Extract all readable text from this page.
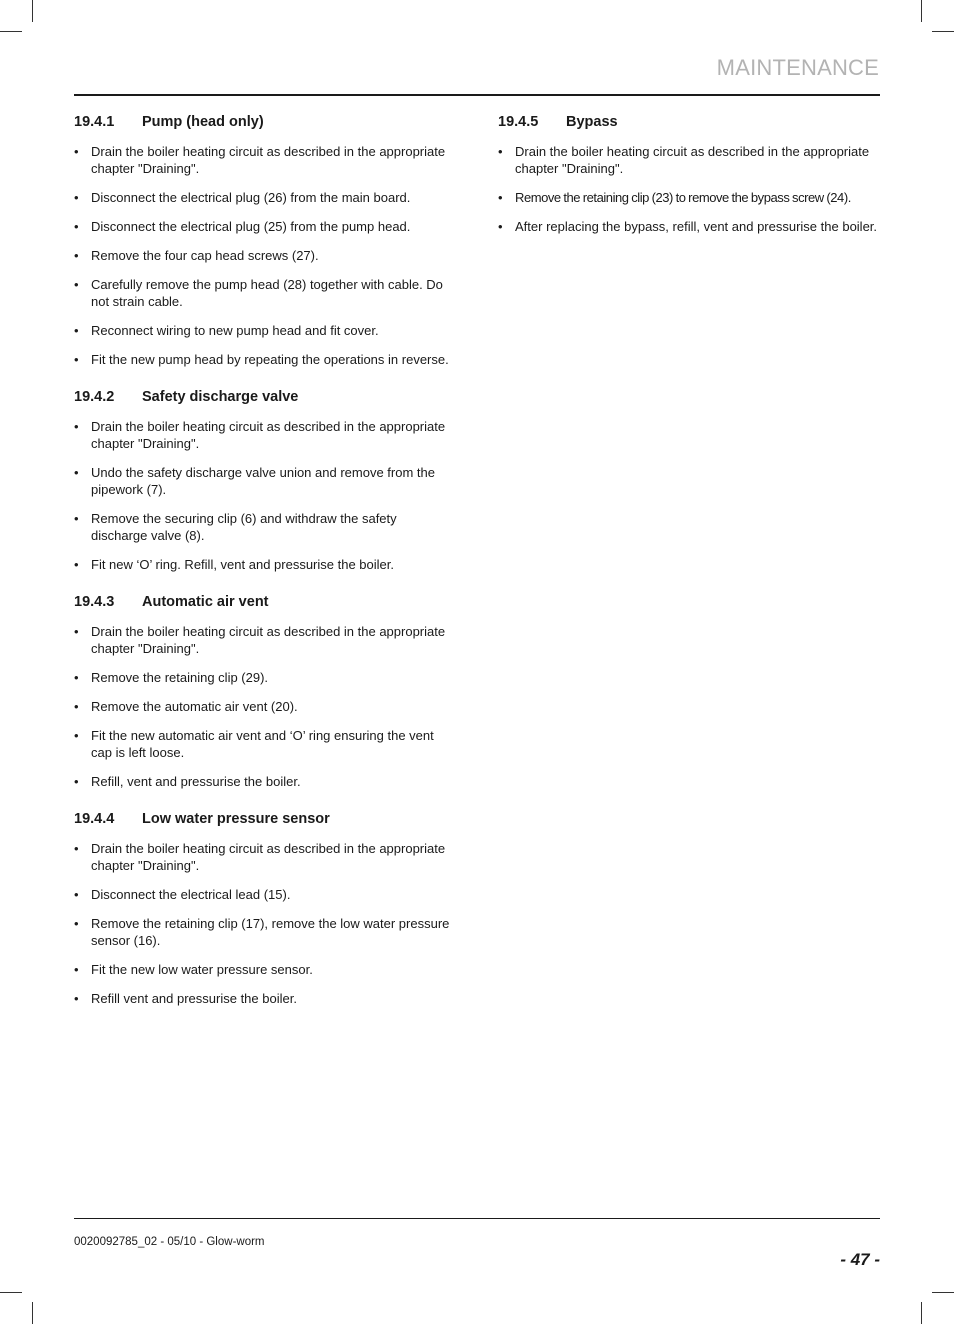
MAINTENANCE
19.4.1	Pump (head only)
• Drain the boiler heating circuit as described in the appropriate chapter "Draining".
• Disconnect the electrical plug (26) from the main board.
• Disconnect the electrical plug (25) from the pump head.
• Remove the four cap head screws (27).
• Carefully remove the pump head (28) together with cable. Do not strain cable.
• Reconnect wiring to new pump head and fit cover.
• Fit the new pump head by repeating the operations in reverse.
19.4.2	Safety discharge valve
• Drain the boiler heating circuit as described in the appropriate chapter "Draining".
• Undo the safety discharge valve union and remove from the pipework (7).
• Remove the securing clip (6) and withdraw the safety discharge valve (8).
• Fit new ‘O’ ring. Refill, vent and pressurise the boiler.
19.4.3	Automatic air vent
• Drain the boiler heating circuit as described in the appropriate chapter "Draining".
• Remove the retaining clip (29).
• Remove the automatic air vent (20).
• Fit the new automatic air vent and ‘O’ ring ensuring the vent cap is left loose.
• Refill, vent and pressurise the boiler.
19.4.4	Low water pressure sensor
• Drain the boiler heating circuit as described in the appropriate chapter "Draining".
• Disconnect the electrical lead (15).
• Remove the retaining clip (17), remove the low water pressure sensor (16).
• Fit the new low water pressure sensor.
• Refill vent and pressurise the boiler.
19.4.5	Bypass
• Drain the boiler heating circuit as described in the appropriate chapter "Draining".
• Remove the retaining clip (23) to remove the bypass screw (24).
• After replacing the bypass, refill, vent and pressurise the boiler.
0020092785_02 - 05/10 - Glow-worm
- 47 -
